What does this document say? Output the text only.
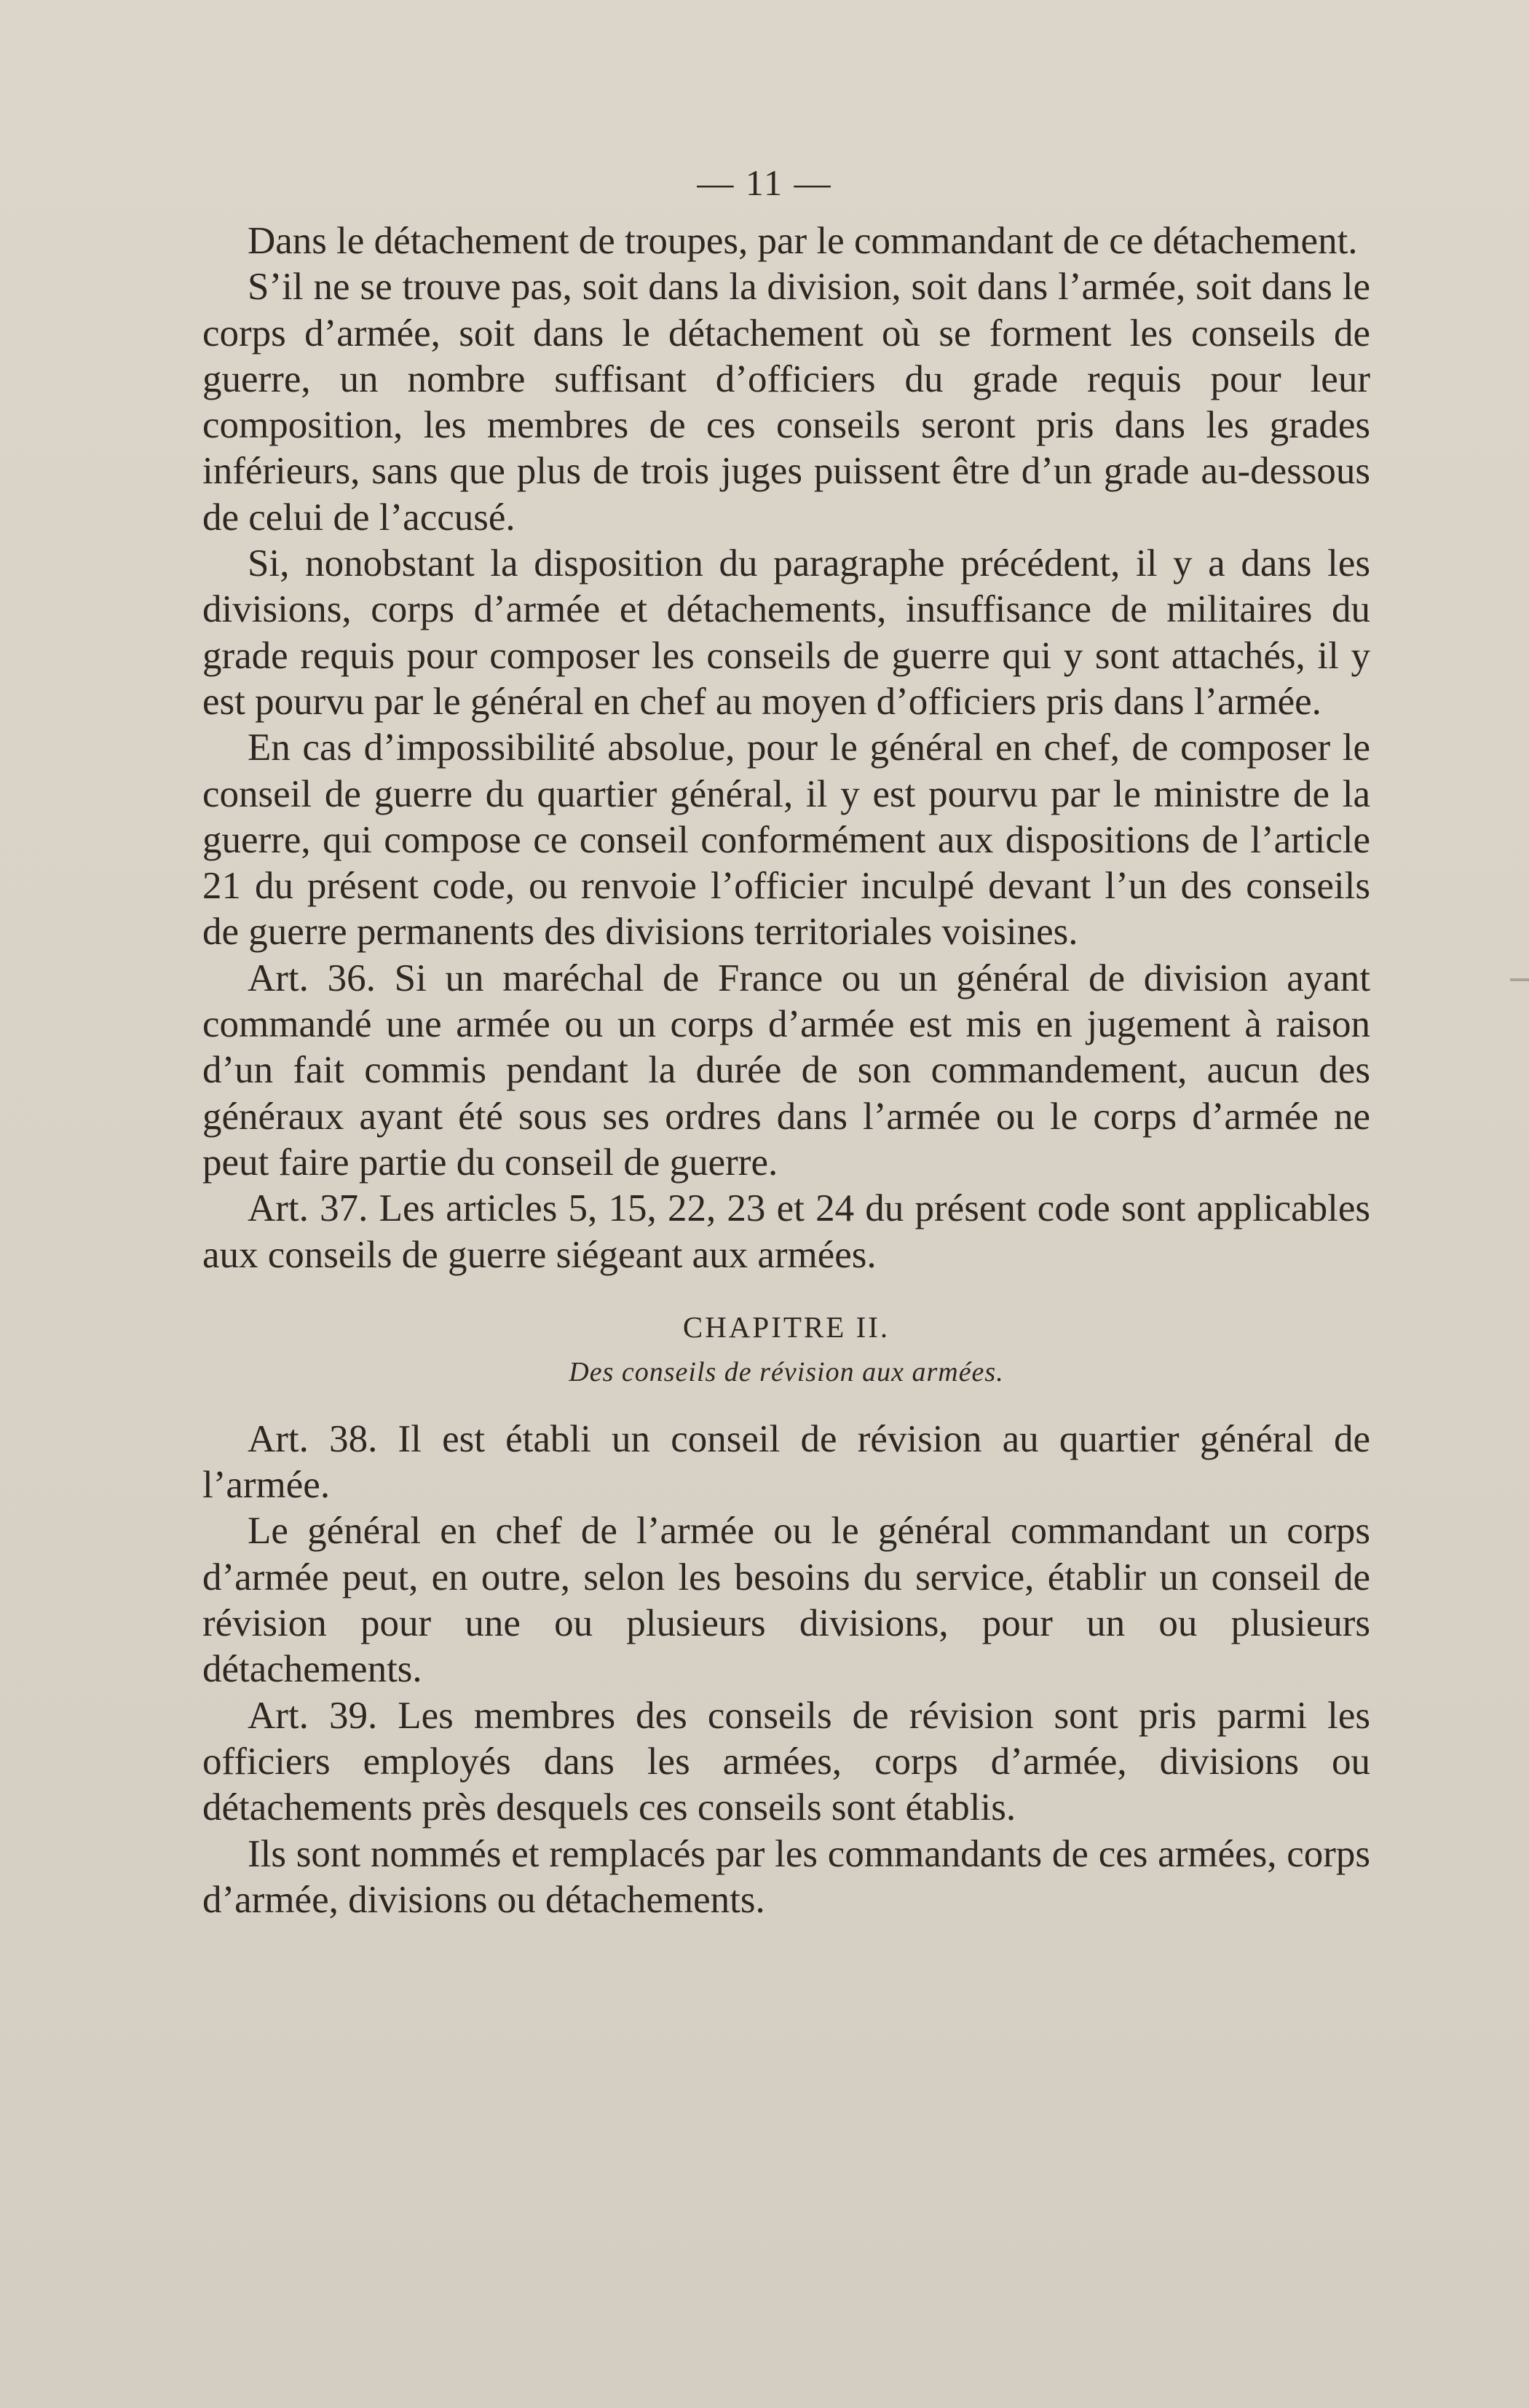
— 11 —

Dans le détachement de troupes, par le commandant de ce détachement.

S’il ne se trouve pas, soit dans la division, soit dans l’armée, soit dans le corps d’armée, soit dans le détachement où se forment les conseils de guerre, un nombre suffisant d’officiers du grade requis pour leur composition, les membres de ces conseils seront pris dans les grades inférieurs, sans que plus de trois juges puissent être d’un grade au-dessous de celui de l’accusé.

Si, nonobstant la disposition du paragraphe précédent, il y a dans les divisions, corps d’armée et détachements, insuffisance de militaires du grade requis pour composer les conseils de guerre qui y sont attachés, il y est pourvu par le général en chef au moyen d’officiers pris dans l’armée.

En cas d’impossibilité absolue, pour le général en chef, de composer le conseil de guerre du quartier général, il y est pourvu par le ministre de la guerre, qui compose ce conseil conformément aux dispositions de l’article 21 du présent code, ou renvoie l’officier inculpé devant l’un des conseils de guerre permanents des divisions territoriales voisines.

Art. 36. Si un maréchal de France ou un général de division ayant commandé une armée ou un corps d’armée est mis en jugement à raison d’un fait commis pendant la durée de son commandement, aucun des généraux ayant été sous ses ordres dans l’armée ou le corps d’armée ne peut faire partie du conseil de guerre.

Art. 37. Les articles 5, 15, 22, 23 et 24 du présent code sont applicables aux conseils de guerre siégeant aux armées.

CHAPITRE II.
Des conseils de révision aux armées.

Art. 38. Il est établi un conseil de révision au quartier général de l’armée.

Le général en chef de l’armée ou le général commandant un corps d’armée peut, en outre, selon les besoins du service, établir un conseil de révision pour une ou plusieurs divisions, pour un ou plusieurs détachements.

Art. 39. Les membres des conseils de révision sont pris parmi les officiers employés dans les armées, corps d’armée, divisions ou détachements près desquels ces conseils sont établis.

Ils sont nommés et remplacés par les commandants de ces armées, corps d’armée, divisions ou détachements.
